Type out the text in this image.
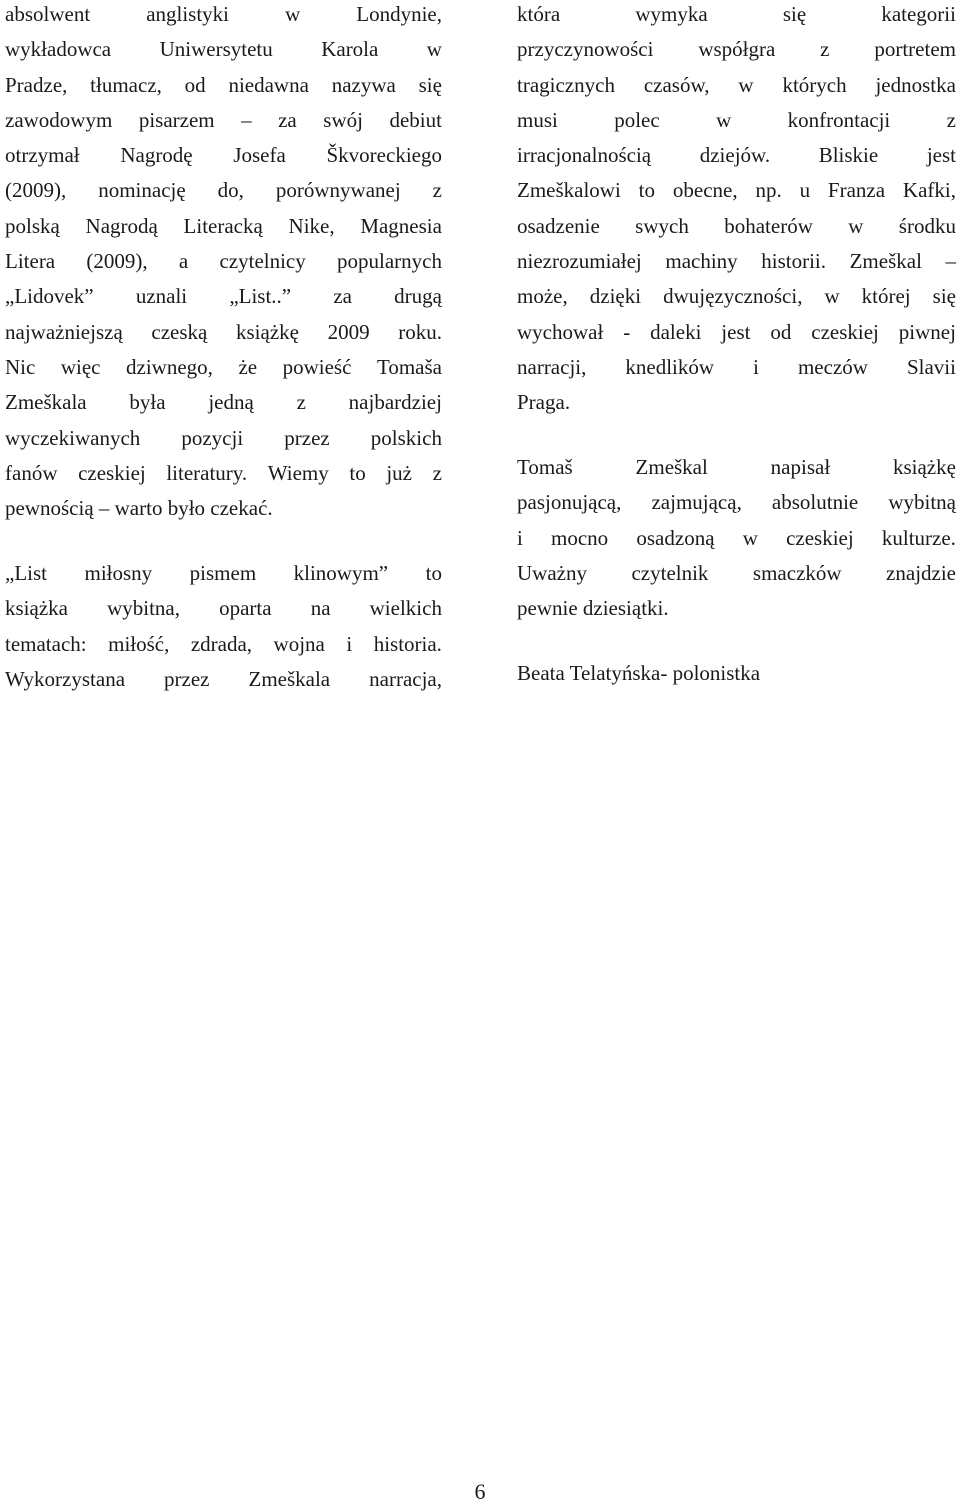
absolwent	anglistyki	w	Londynie,
wykładowca Uniwersytetu Karola w
Pradze, tłumacz, od niedawna nazywa się
zawodowym pisarzem – za swój debiut
otrzymał Nagrodę Josefa Škvoreckiego
(2009), nominację do, porównywanej z
polską Nagrodą Literacką Nike, Magnesia
Litera (2009), a czytelnicy popularnych
„Lidovek” uznali „List..” za drugą
najważniejszą czeską książkę 2009 roku.
Nic więc dziwnego, że powieść Tomaša
Zmeškala była jedną z najbardziej
wyczekiwanych pozycji przez polskich
fanów czeskiej literatury. Wiemy to już z
pewnością – warto było czekać.
„List miłosny pismem klinowym” to
książka wybitna, oparta na wielkich
tematach: miłość, zdrada, wojna i historia.
Wykorzystana przez Zmeškala narracja,
która	wymyka	się	kategorii
przyczynowości współgra z portretem
tragicznych czasów, w których jednostka
musi	polec	w	konfrontacji	z
irracjonalnością dziejów. Bliskie jest
Zmeškalowi to obecne, np. u Franza Kafki,
osadzenie swych bohaterów w środku
niezrozumiałej machiny historii. Zmeškal –
może, dzięki dwujęzyczności, w której się
wychował - daleki jest od czeskiej piwnej
narracji, knedlików i meczów Slavii
Praga.
Tomaš	Zmeškal	napisał	książkę
pasjonującą, zajmującą, absolutnie wybitną
i mocno osadzoną w czeskiej kulturze.
Uważny czytelnik smaczków znajdzie
pewnie dziesiątki.
Beata Telatyńska- polonistka
6
